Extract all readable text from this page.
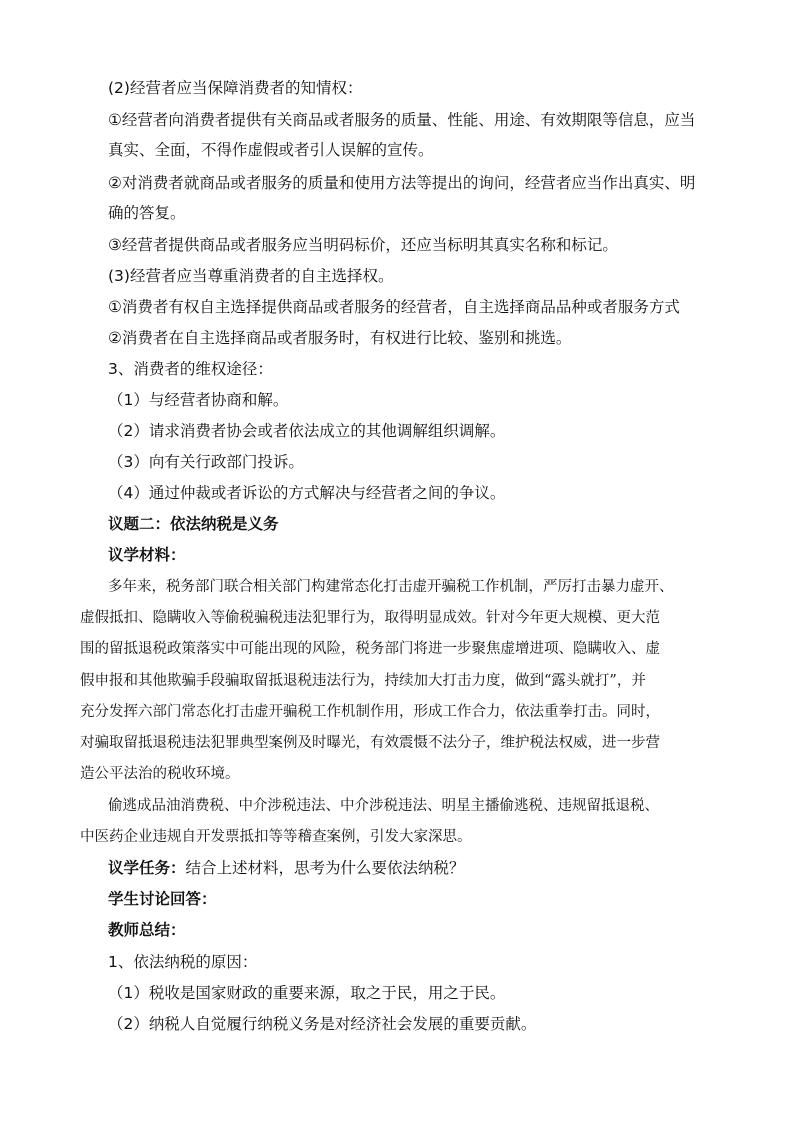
(2)经营者应当保障消费者的知情权：
①经营者向消费者提供有关商品或者服务的质量、性能、用途、有效期限等信息，应当
真实、全面，不得作虚假或者引人误解的宣传。
②对消费者就商品或者服务的质量和使用方法等提出的询问，经营者应当作出真实、明
确的答复。
③经营者提供商品或者服务应当明码标价，还应当标明其真实名称和标记。
(3)经营者应当尊重消费者的自主选择权。
①消费者有权自主选择提供商品或者服务的经营者，自主选择商品品种或者服务方式
②消费者在自主选择商品或者服务时，有权进行比较、鉴别和挑选。
3、消费者的维权途径：
（1）与经营者协商和解。
（2）请求消费者协会或者依法成立的其他调解组织调解。
（3）向有关行政部门投诉。
（4）通过仲裁或者诉讼的方式解决与经营者之间的争议。
议题二：依法纳税是义务
议学材料：
多年来，税务部门联合相关部门构建常态化打击虚开骗税工作机制，严厉打击暴力虚开、
虚假抵扣、隐瞒收入等偷税骗税违法犯罪行为，取得明显成效。针对今年更大规模、更大范
围的留抵退税政策落实中可能出现的风险，税务部门将进一步聚焦虚增进项、隐瞒收入、虚
假申报和其他欺骗手段骗取留抵退税违法行为，持续加大打击力度，做到“露头就打”，并
充分发挥六部门常态化打击虚开骗税工作机制作用，形成工作合力，依法重拳打击。同时，
对骗取留抵退税违法犯罪典型案例及时曝光，有效震慑不法分子，维护税法权威，进一步营
造公平法治的税收环境。
偷逃成品油消费税、中介涉税违法、中介涉税违法、明星主播偷逃税、违规留抵退税、
中医药企业违规自开发票抵扣等等稽查案例，引发大家深思。
议学任务：结合上述材料，思考为什么要依法纳税？
学生讨论回答：
教师总结：
1、依法纳税的原因：
（1）税收是国家财政的重要来源，取之于民，用之于民。
（2）纳税人自觉履行纳税义务是对经济社会发展的重要贡献。
